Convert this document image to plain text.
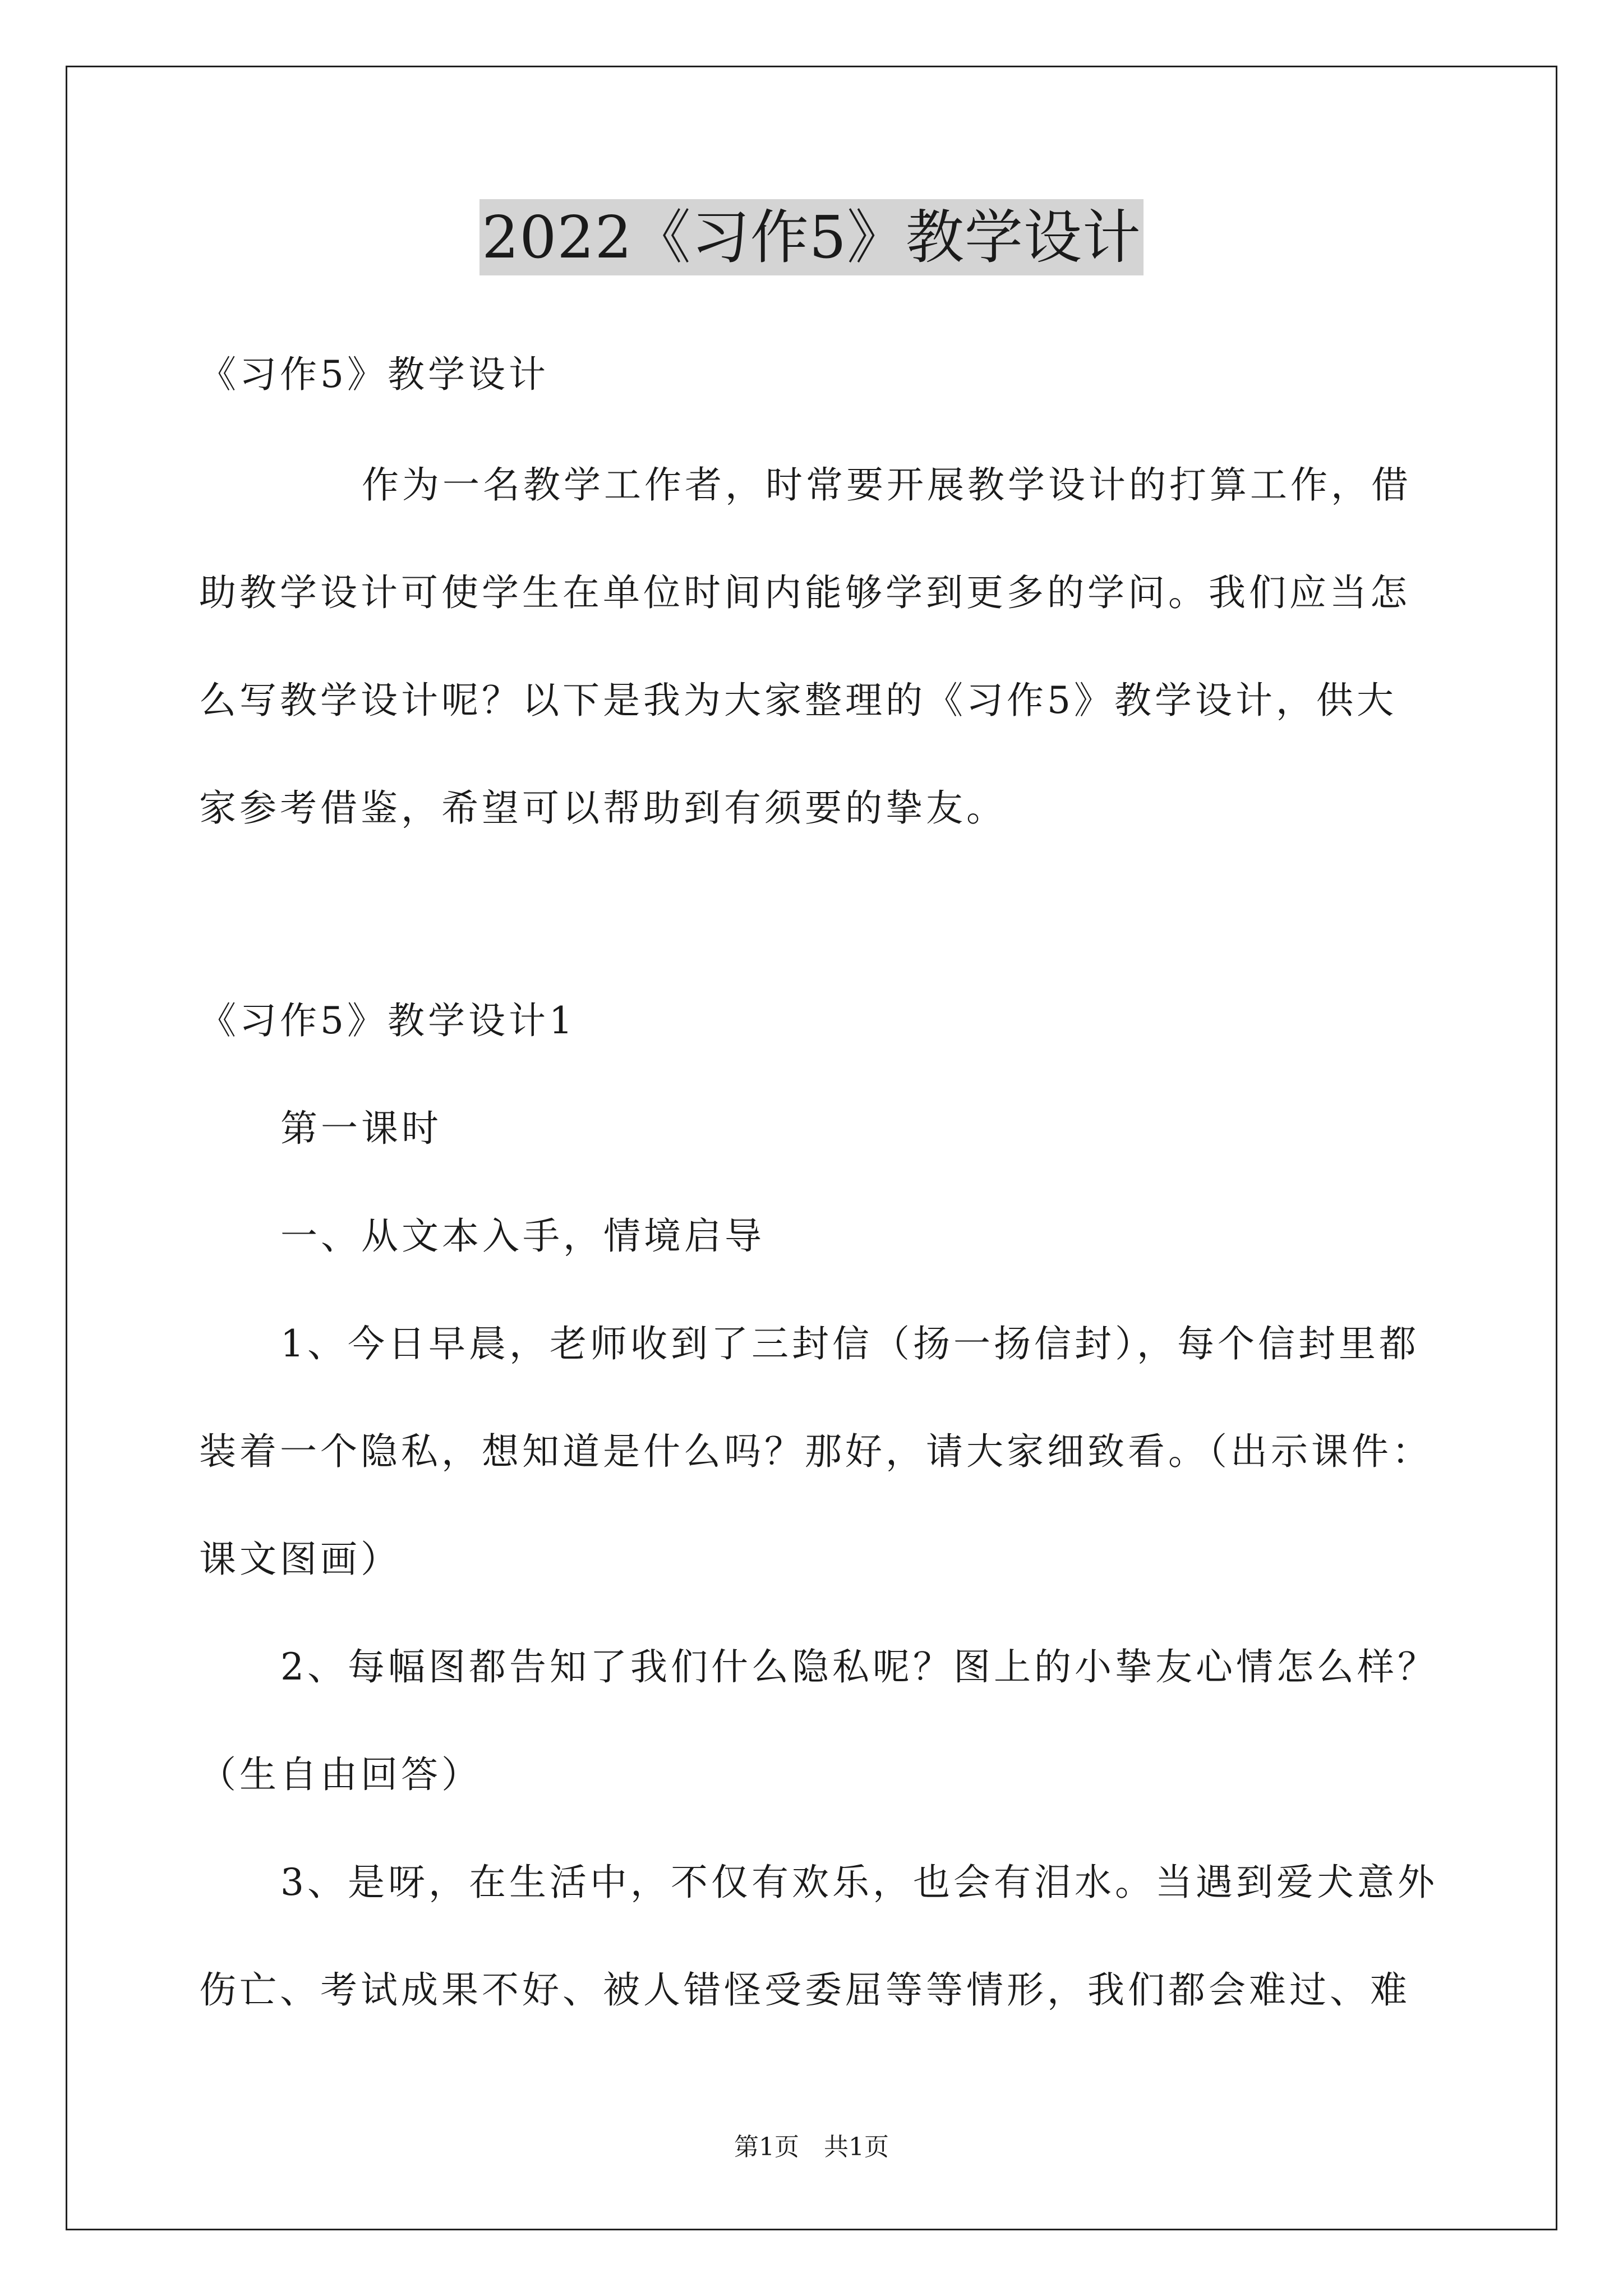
2022《习作5》教学设计
《习作5》教学设计
作为一名教学工作者，时常要开展教学设计的打算工作，借
助教学设计可使学生在单位时间内能够学到更多的学问。我们应当怎
么写教学设计呢？以下是我为大家整理的《习作5》教学设计，供大
家参考借鉴，希望可以帮助到有须要的挚友。
《习作5》教学设计1
第一课时
一、从文本入手，情境启导
1、今日早晨，老师收到了三封信（扬一扬信封），每个信封里都
装着一个隐私，想知道是什么吗？那好，请大家细致看。（出示课件：
课文图画）
2、每幅图都告知了我们什么隐私呢？图上的小挚友心情怎么样？
（生自由回答）
3、是呀，在生活中，不仅有欢乐，也会有泪水。当遇到爱犬意外
伤亡、考试成果不好、被人错怪受委屈等等情形，我们都会难过、难
第1页　共1页
